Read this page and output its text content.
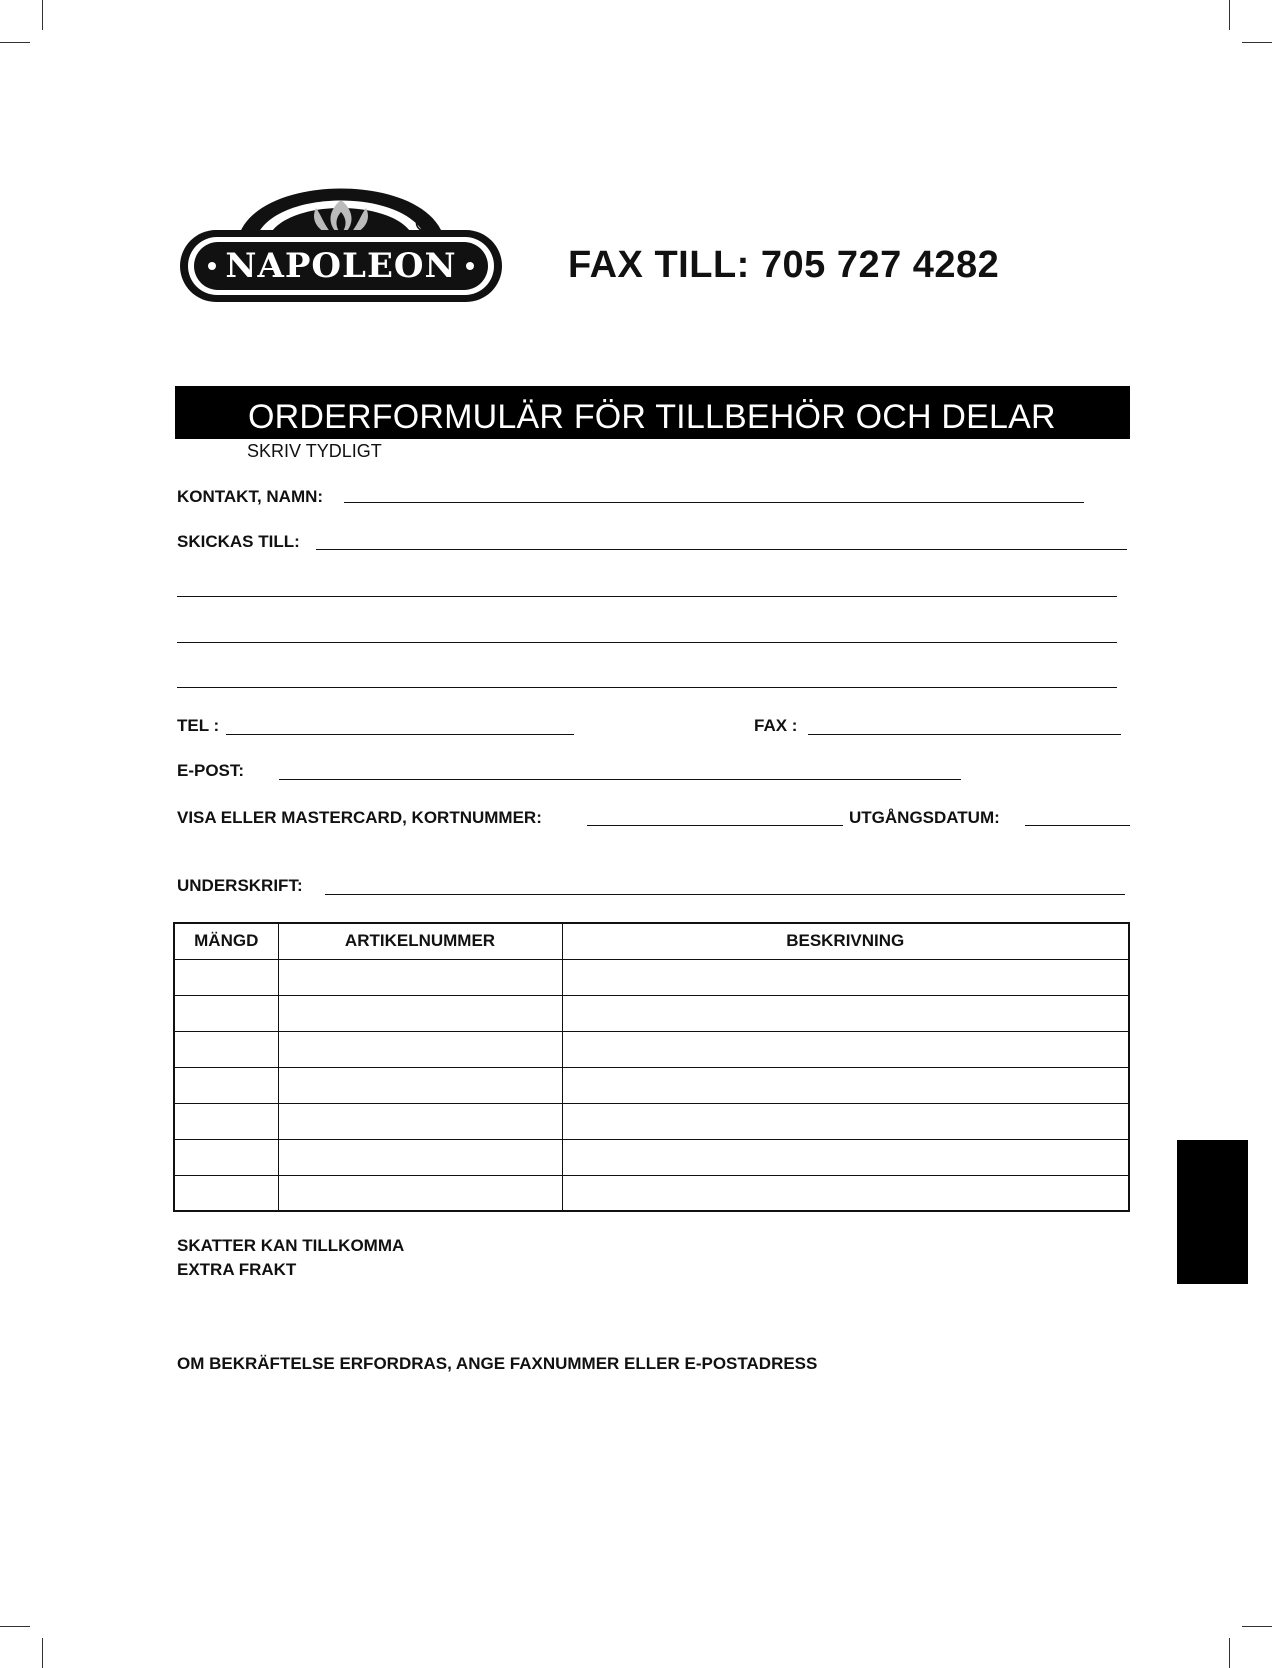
NAPOLEON
®
FAX TILL: 705 727 4282
ORDERFORMULÄR FÖR TILLBEHÖR OCH DELAR
SKRIV TYDLIGT
KONTAKT, NAMN:
SKICKAS TILL:
TEL :	FAX :
E-POST:
VISA ELLER MASTERCARD, KORTNUMMER:	UTGÅNGSDATUM:
UNDERSKRIFT:
MÄNGD	ARTIKELNUMMER	BESKRIVNING

SKATTER KAN TILLKOMMA
EXTRA FRAKT
OM BEKRÄFTELSE ERFORDRAS, ANGE FAXNUMMER ELLER E-POSTADRESS
